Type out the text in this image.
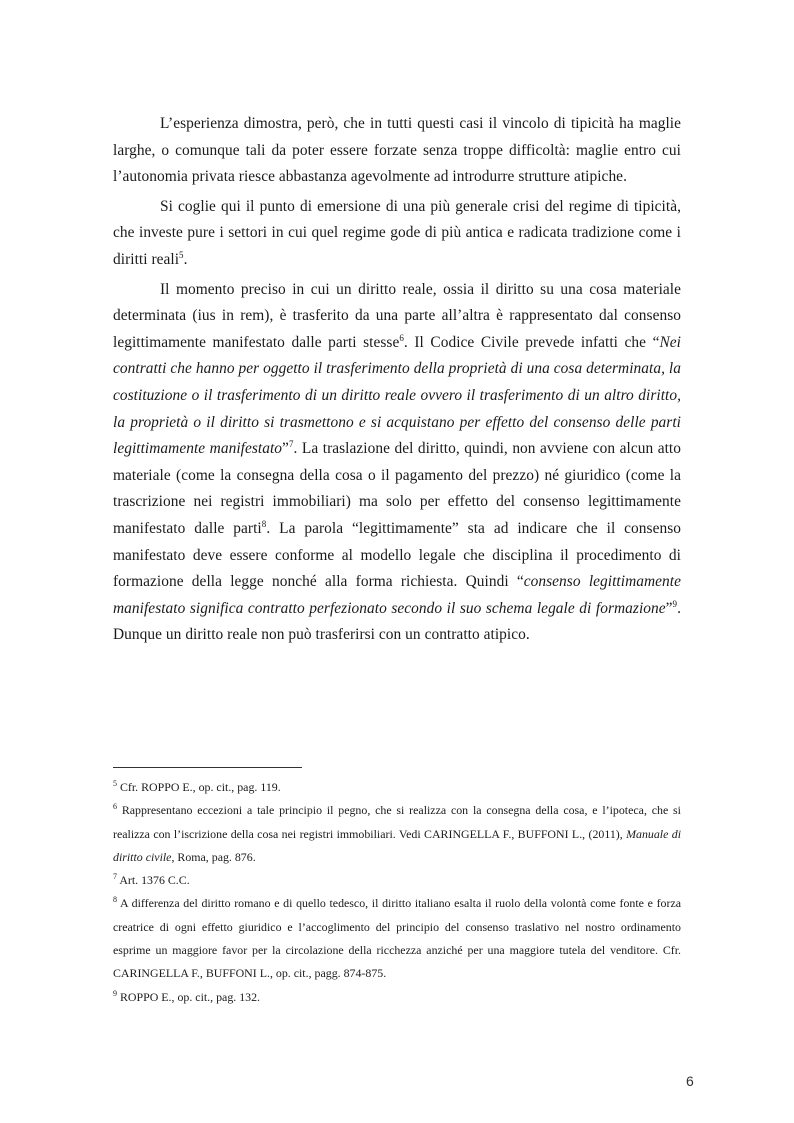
L’esperienza dimostra, però, che in tutti questi casi il vincolo di tipicità ha maglie larghe, o comunque tali da poter essere forzate senza troppe difficoltà: maglie entro cui l’autonomia privata riesce abbastanza agevolmente ad introdurre strutture atipiche.

Si coglie qui il punto di emersione di una più generale crisi del regime di tipicità, che investe pure i settori in cui quel regime gode di più antica e radicata tradizione come i diritti reali$^5$.

Il momento preciso in cui un diritto reale, ossia il diritto su una cosa materiale determinata (ius in rem), è trasferito da una parte all’altra è rappresentato dal consenso legittimamente manifestato dalle parti stesse$^6$. Il Codice Civile prevede infatti che “Nei contratti che hanno per oggetto il trasferimento della proprietà di una cosa determinata, la costituzione o il trasferimento di un diritto reale ovvero il trasferimento di un altro diritto, la proprietà o il diritto si trasmettono e si acquistano per effetto del consenso delle parti legittimamente manifestato”$^7$. La traslazione del diritto, quindi, non avviene con alcun atto materiale (come la consegna della cosa o il pagamento del prezzo) né giuridico (come la trascrizione nei registri immobiliari) ma solo per effetto del consenso legittimamente manifestato dalle parti$^8$. La parola “legittimamente” sta ad indicare che il consenso manifestato deve essere conforme al modello legale che disciplina il procedimento di formazione della legge nonché alla forma richiesta. Quindi “consenso legittimamente manifestato significa contratto perfezionato secondo il suo schema legale di formazione”$^9$. Dunque un diritto reale non può trasferirsi con un contratto atipico.

$^5$ Cfr. ROPPO E., op. cit., pag. 119.
$^6$ Rappresentano eccezioni a tale principio il pegno, che si realizza con la consegna della cosa, e l’ipoteca, che si realizza con l’iscrizione della cosa nei registri immobiliari. Vedi CARINGELLA F., BUFFONI L., (2011), Manuale di diritto civile, Roma, pag. 876.
$^7$ Art. 1376 C.C.
$^8$ A differenza del diritto romano e di quello tedesco, il diritto italiano esalta il ruolo della volontà come fonte e forza creatrice di ogni effetto giuridico e l’accoglimento del principio del consenso traslativo nel nostro ordinamento esprime un maggiore favor per la circolazione della ricchezza anziché per una maggiore tutela del venditore. Cfr. CARINGELLA F., BUFFONI L., op. cit., pagg. 874-875.
$^9$ ROPPO E., op. cit., pag. 132.
6
